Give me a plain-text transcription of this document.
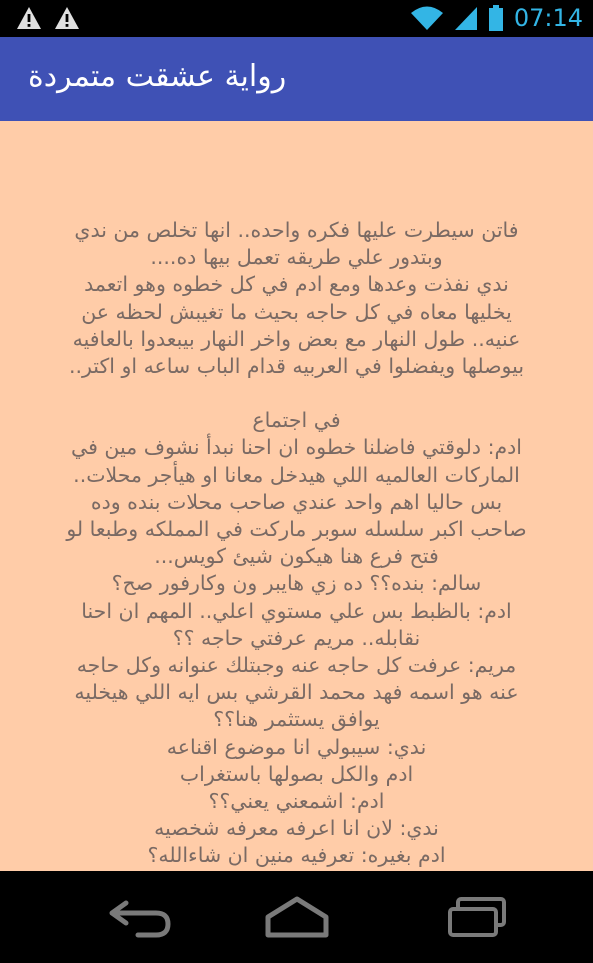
07:14
رواية عشقت متمردة
فاتن سيطرت عليها فكره واحده.. انها تخلص من ندي
وبتدور علي طريقه تعمل بيها ده....
ندي نفذت وعدها ومع ادم في كل خطوه وهو اتعمد
يخليها معاه في كل حاجه بحيث ما تغيبش لحظه عن
عنيه.. طول النهار مع بعض واخر النهار بيبعدوا بالعافيه
بيوصلها ويفضلوا في العربيه قدام الباب ساعه او اكتر..
في اجتماع
ادم: دلوقتي فاضلنا خطوه ان احنا نبدأ نشوف مين في
الماركات العالميه اللي هيدخل معانا او هيأجر محلات..
بس حاليا اهم واحد عندي صاحب محلات بنده وده
صاحب اكبر سلسله سوبر ماركت في المملكه وطبعا لو
فتح فرع هنا هيكون شيئ كويس...
سالم: بنده؟؟ ده زي هايبر ون وكارفور صح؟
ادم: بالظبط بس علي مستوي اعلي.. المهم ان احنا
نقابله.. مريم عرفتي حاجه ؟؟
مريم: عرفت كل حاجه عنه وجبتلك عنوانه وكل حاجه
عنه هو اسمه فهد محمد القرشي بس ايه اللي هيخليه
يوافق يستثمر هنا؟؟
ندي: سيبولي انا موضوع اقناعه
ادم والكل بصولها باستغراب
ادم: اشمعني يعني؟؟
ندي: لان انا اعرفه معرفه شخصيه
ادم بغيره: تعرفيه منين ان شاءالله؟
